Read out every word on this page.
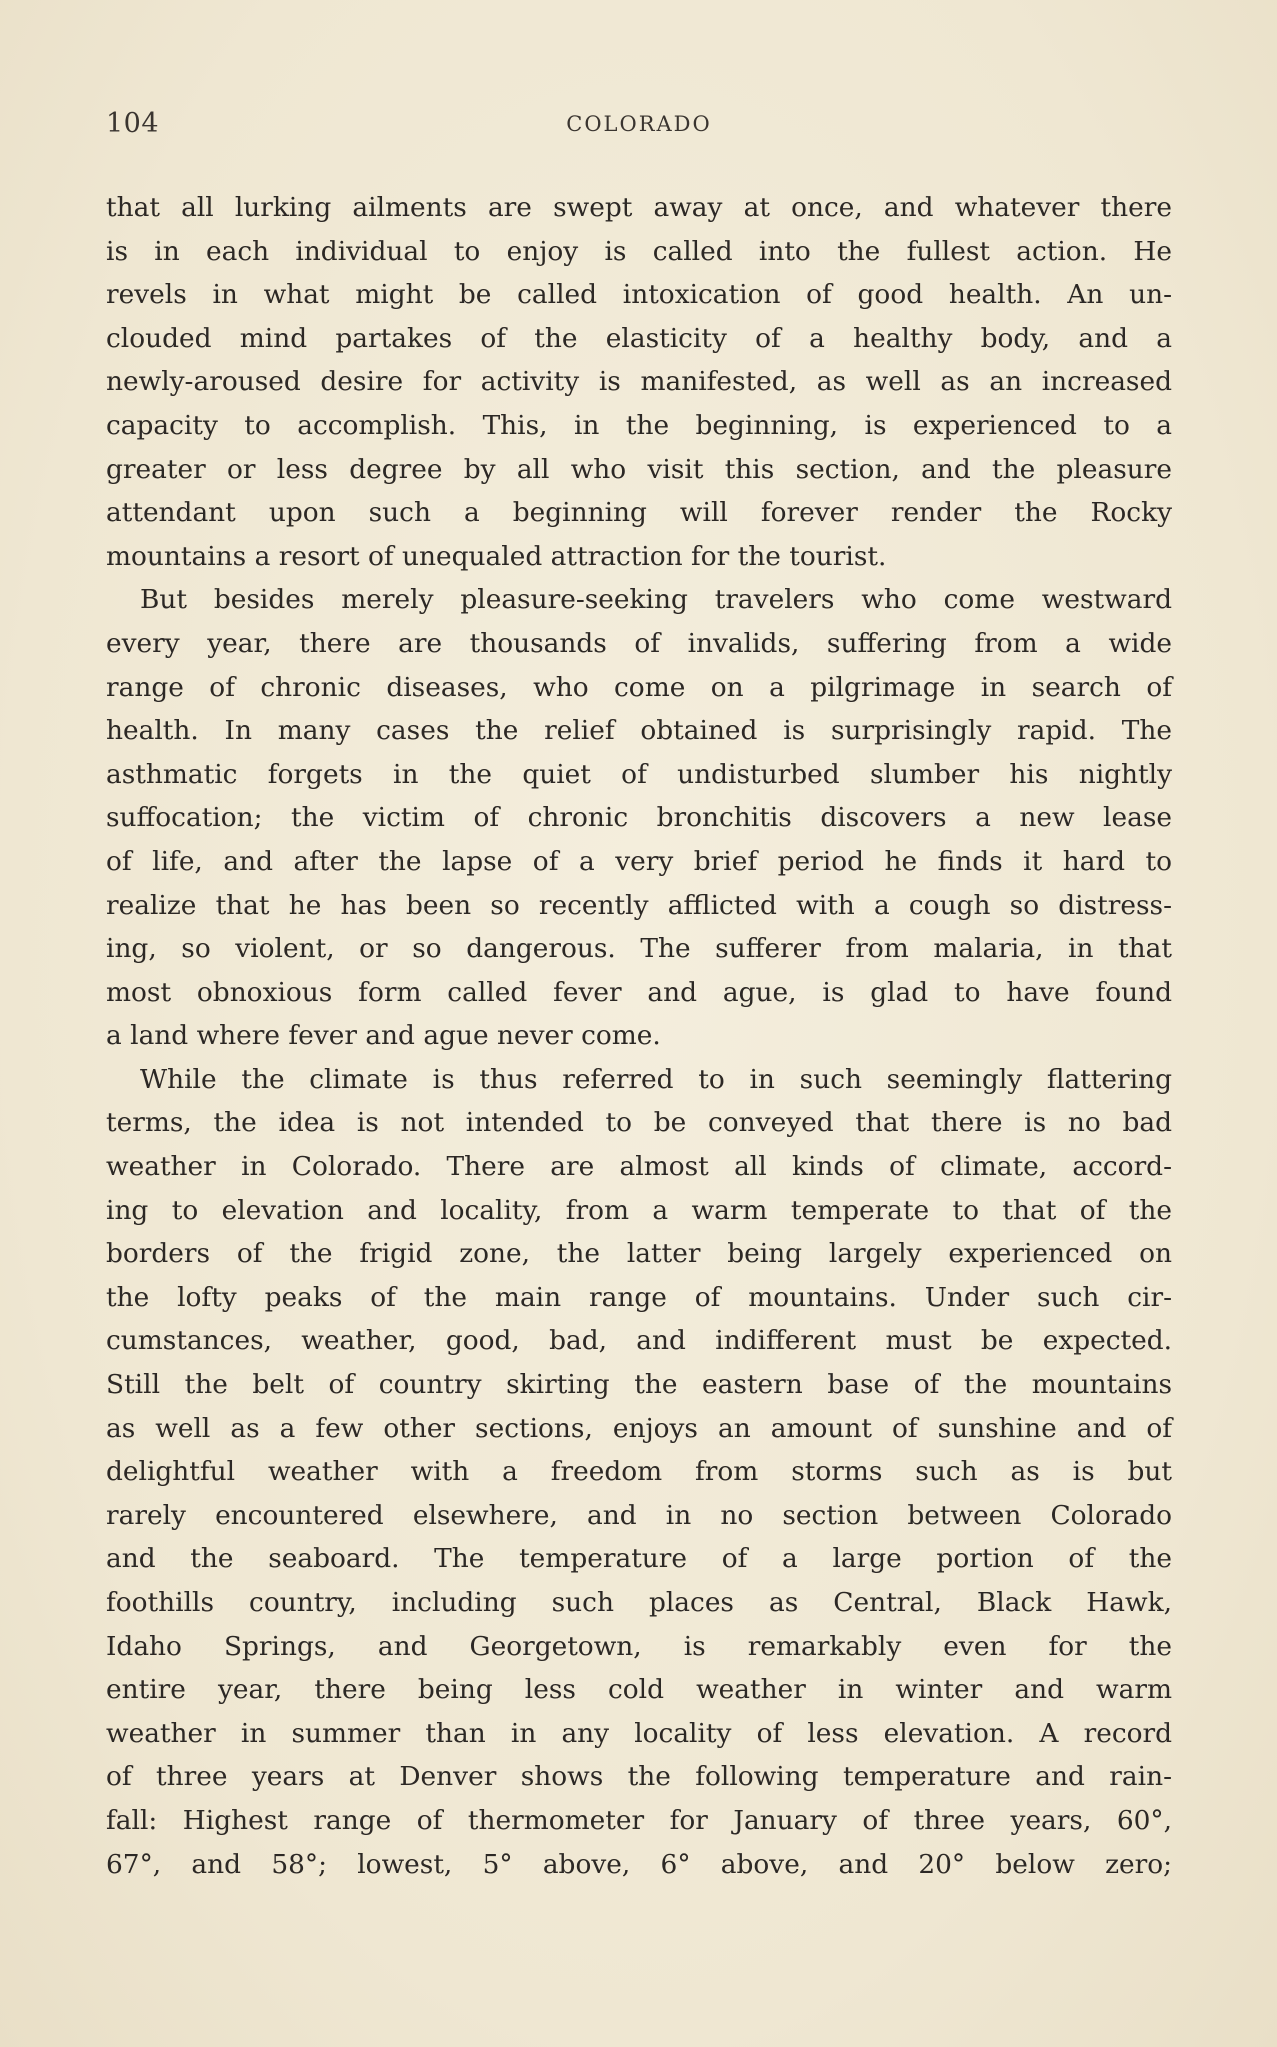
104	COLORADO

that all lurking ailments are swept away at once, and whatever there

is in each individual to enjoy is called into the fullest action. He

revels in what might be called intoxication of good health. An un-

clouded mind partakes of the elasticity of a healthy body, and a

newly-aroused desire for activity is manifested, as well as an increased

capacity to accomplish. This, in the beginning, is experienced to a

greater or less degree by all who visit this section, and the pleasure

attendant upon such a beginning will forever render the Rocky

mountains a resort of unequaled attraction for the tourist.

But besides merely pleasure-seeking travelers who come westward

every year, there are thousands of invalids, suffering from a wide

range of chronic diseases, who come on a pilgrimage in search of

health. In many cases the relief obtained is surprisingly rapid. The

asthmatic forgets in the quiet of undisturbed slumber his nightly

suffocation; the victim of chronic bronchitis discovers a new lease

of life, and after the lapse of a very brief period he finds it hard to

realize that he has been so recently afflicted with a cough so distress-

ing, so violent, or so dangerous. The sufferer from malaria, in that

most obnoxious form called fever and ague, is glad to have found

a land where fever and ague never come.

While the climate is thus referred to in such seemingly flattering

terms, the idea is not intended to be conveyed that there is no bad

weather in Colorado. There are almost all kinds of climate, accord-

ing to elevation and locality, from a warm temperate to that of the

borders of the frigid zone, the latter being largely experienced on

the lofty peaks of the main range of mountains. Under such cir-

cumstances, weather, good, bad, and indifferent must be expected.

Still the belt of country skirting the eastern base of the mountains

as well as a few other sections, enjoys an amount of sunshine and of

delightful weather with a freedom from storms such as is but

rarely encountered elsewhere, and in no section between Colorado

and the seaboard. The temperature of a large portion of the

foothills country, including such places as Central, Black Hawk,

Idaho Springs, and Georgetown, is remarkably even for the

entire year, there being less cold weather in winter and warm

weather in summer than in any locality of less elevation. A record

of three years at Denver shows the following temperature and rain-

fall: Highest range of thermometer for January of three years, 60°,

67°, and 58°; lowest, 5° above, 6° above, and 20° below zero;
